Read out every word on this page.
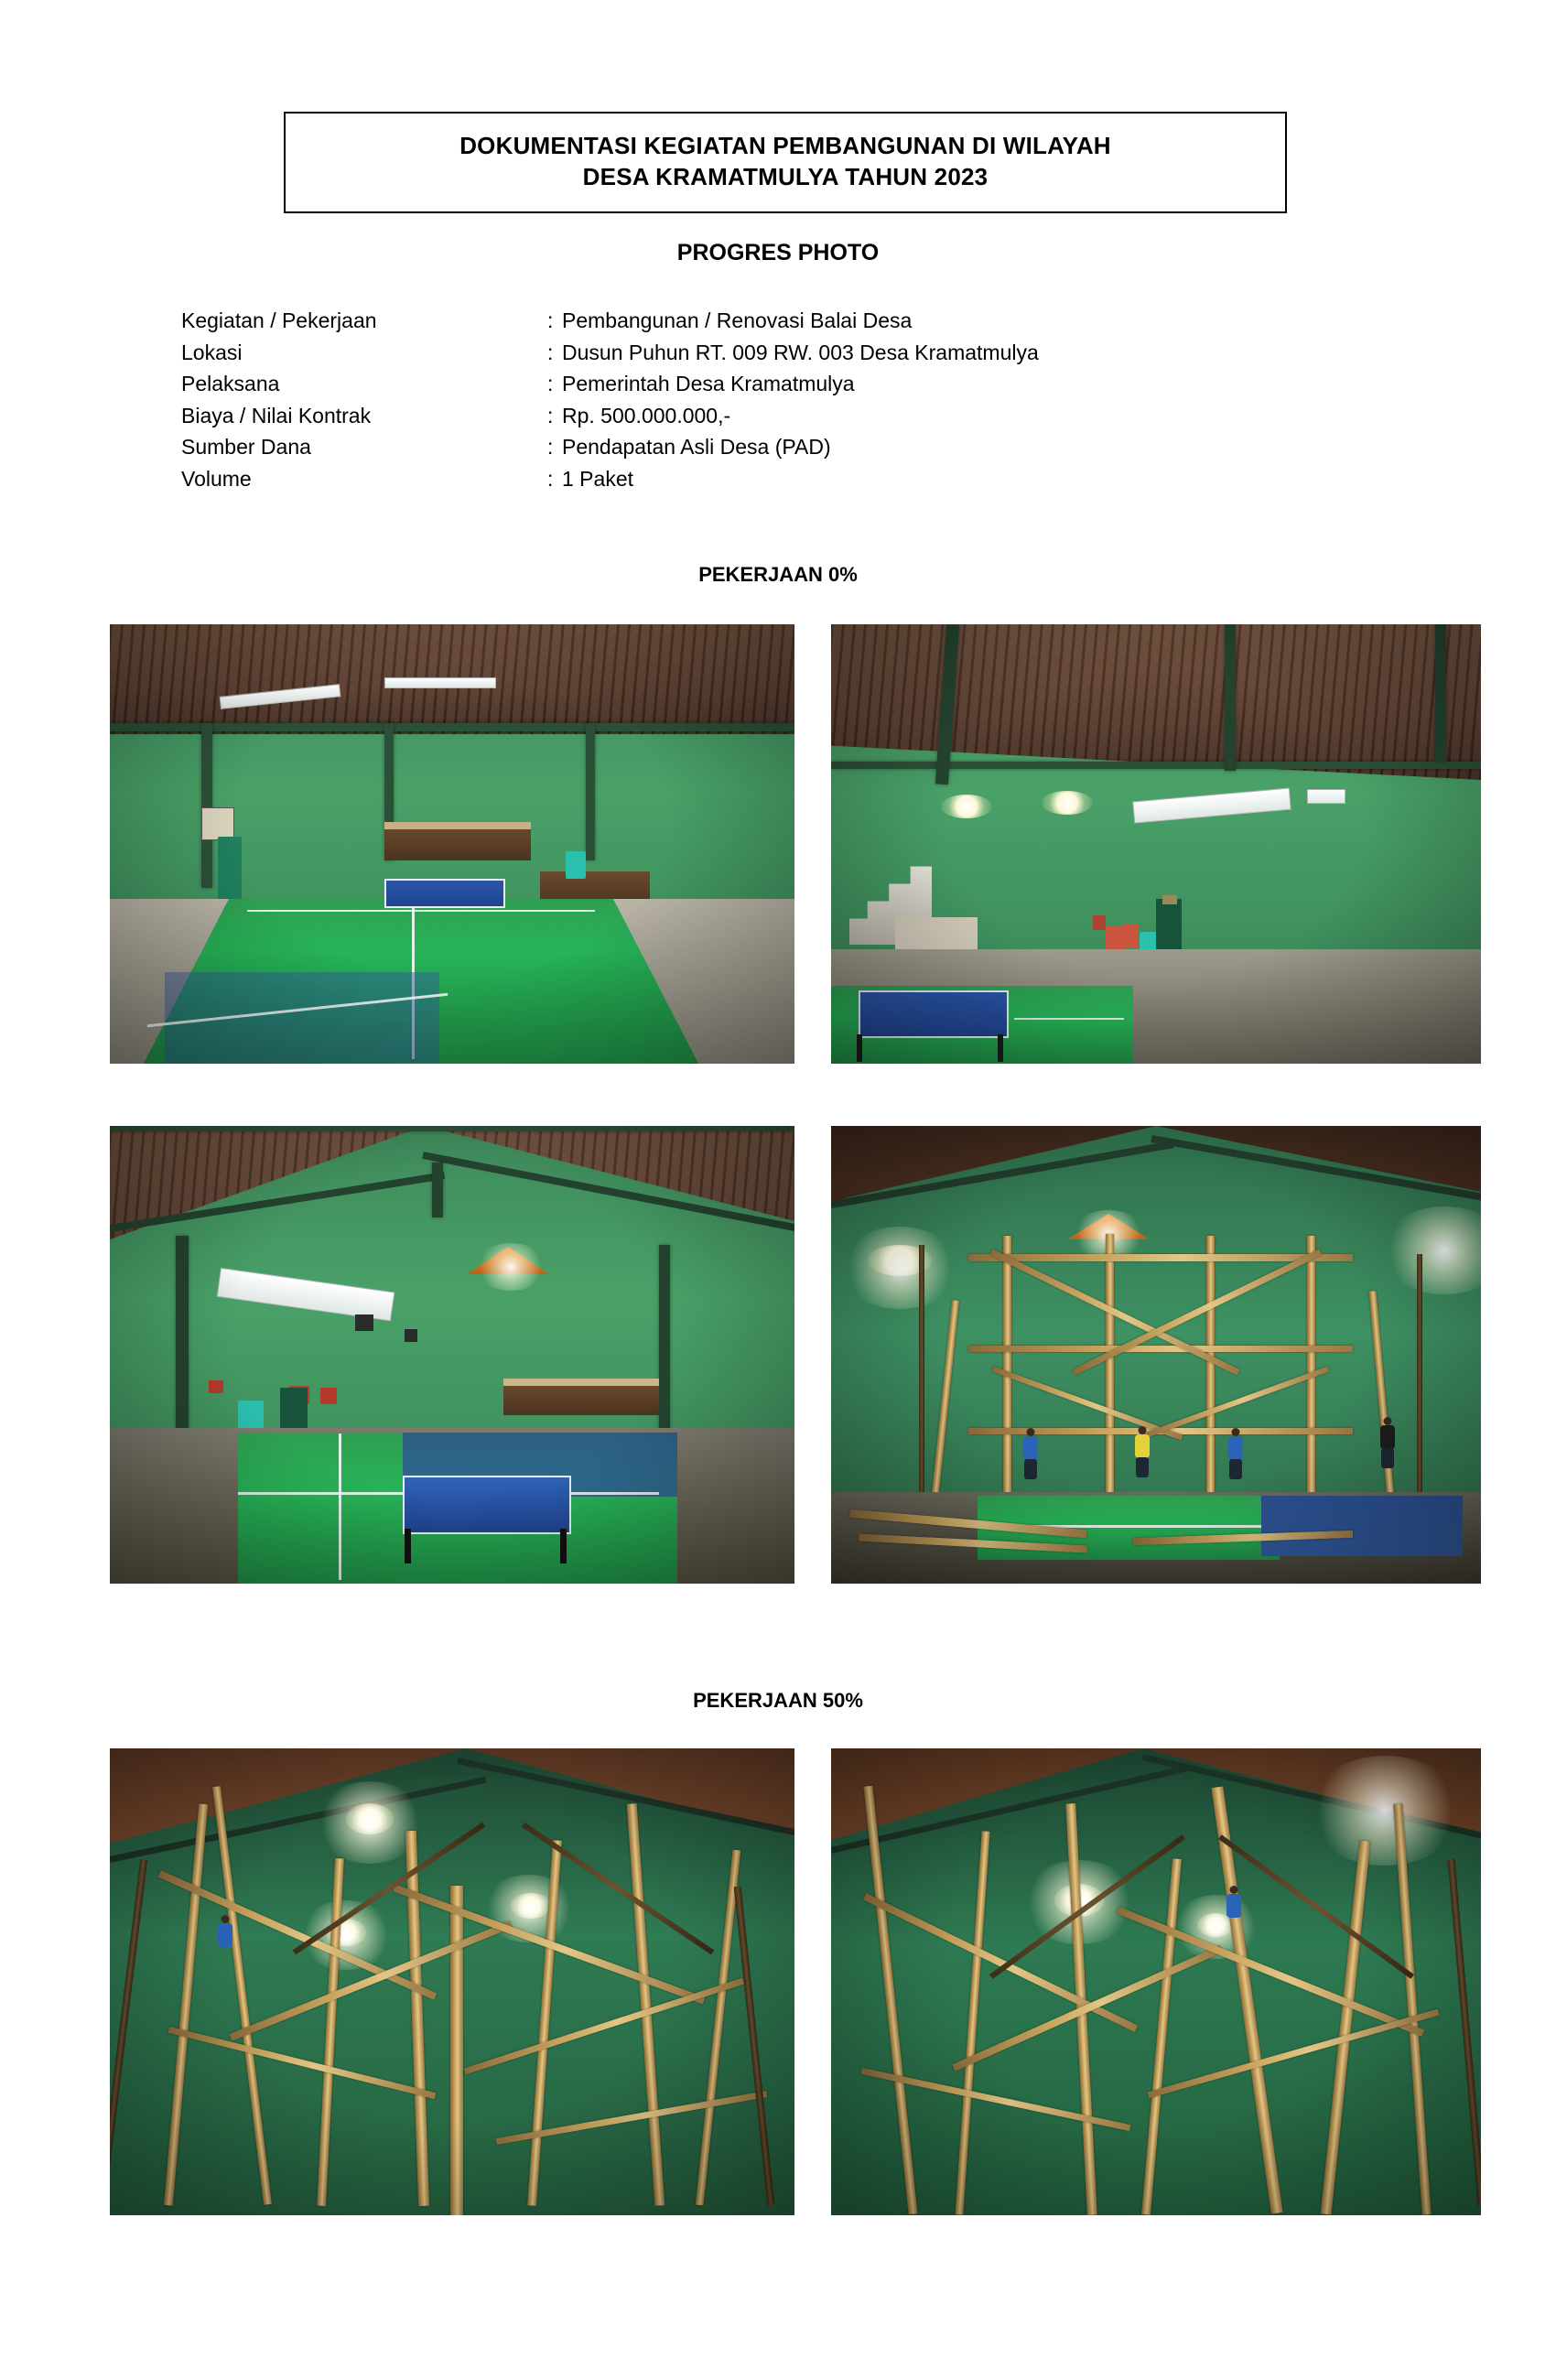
DOKUMENTASI KEGIATAN PEMBANGUNAN DI WILAYAH
DESA KRAMATMULYA TAHUN 2023
PROGRES PHOTO
Kegiatan / Pekerjaan	:	Pembangunan / Renovasi Balai Desa
Lokasi	:	Dusun Puhun RT. 009 RW. 003 Desa Kramatmulya
Pelaksana	:	Pemerintah Desa Kramatmulya
Biaya / Nilai Kontrak	:	Rp. 500.000.000,-
Sumber Dana	:	Pendapatan Asli Desa (PAD)
Volume	:	1 Paket
PEKERJAAN 0%
PEKERJAAN 50%
